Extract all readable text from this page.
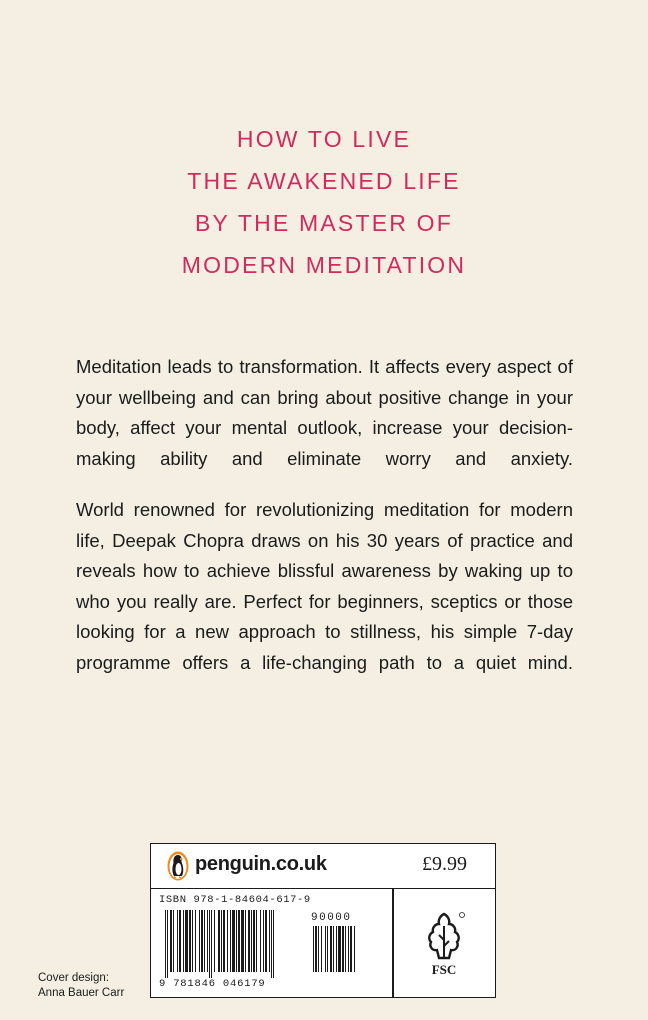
HOW TO LIVE
THE AWAKENED LIFE
BY THE MASTER OF
MODERN MEDITATION

Meditation leads to transformation. It affects every aspect of your wellbeing and can bring about positive change in your body, affect your mental outlook, increase your decision-making ability and eliminate worry and anxiety.

World renowned for revolutionizing meditation for modern life, Deepak Chopra draws on his 30 years of practice and reveals how to achieve blissful awareness by waking up to who you really are. Perfect for beginners, sceptics or those looking for a new approach to stillness, his simple 7-day programme offers a life-changing path to a quiet mind.

Cover design:
Anna Bauer Carr
penguin.co.uk	£9.99
ISBN 978-1-84604-617-9
90000
9 781846 046179
FSC
